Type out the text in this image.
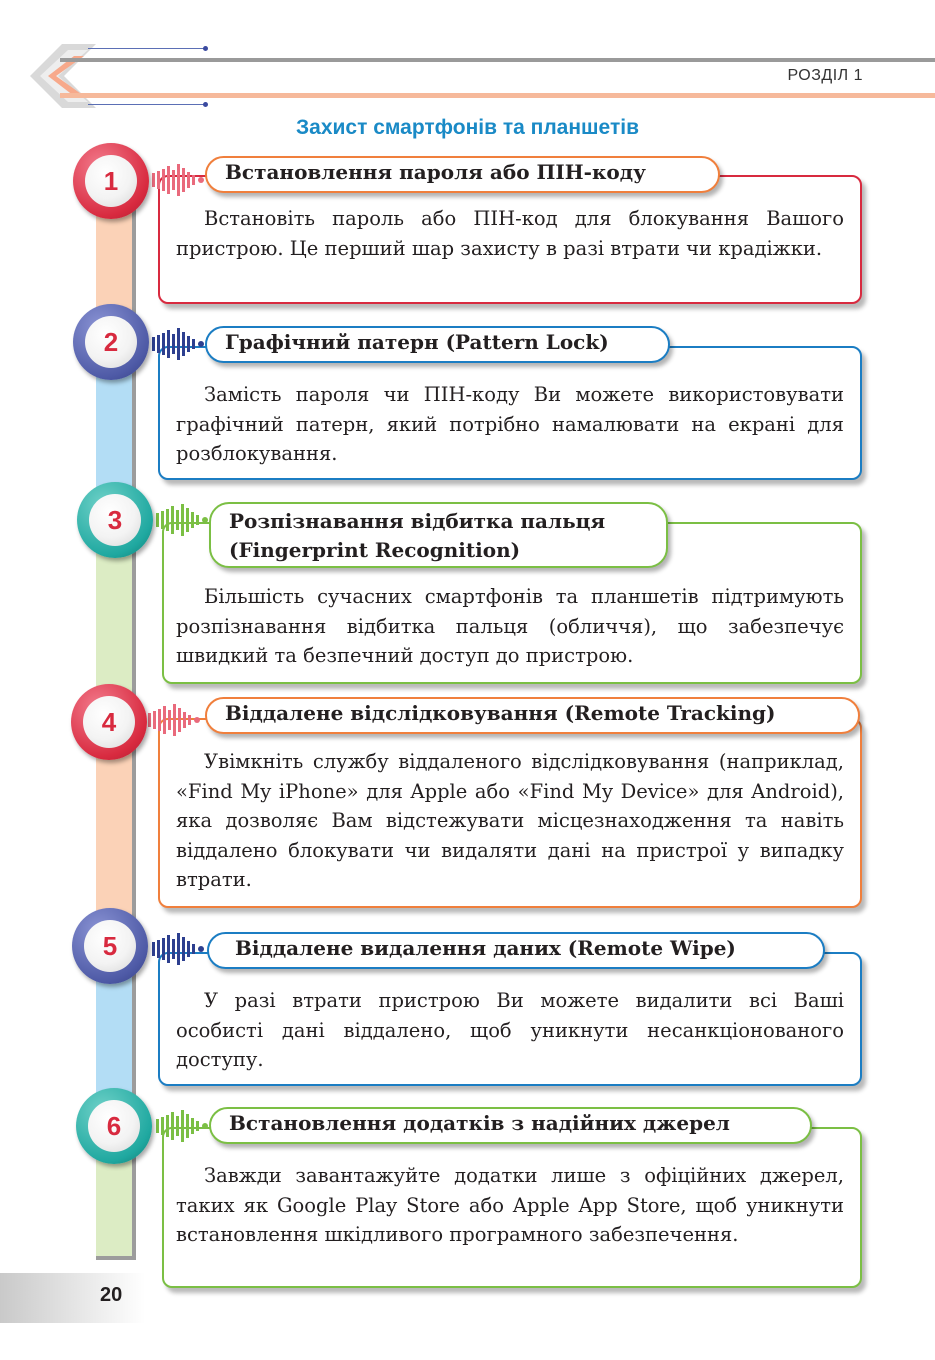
РОЗДІЛ 1
Захист смартфонів та планшетів

Встановіть пароль або ПІН-код для блокування Вашого пристрою. Це перший шар захисту в разі втрати чи крадіжки.

Встановлення пароля або ПІН-коду
1

Замість пароля чи ПІН-коду Ви можете використовувати графічний патерн, який потрібно намалювати на екрані для розблокування.

Графічний патерн (Pattern Lock)
2

Більшість сучасних смартфонів та планшетів підтримують розпізнавання відбитка пальця (обличчя), що забезпечує швидкий та безпечний доступ до пристрою.

Розпізнавання відбитка пальця
(Fingerprint Recognition)
3

Увімкніть службу віддаленого відслідковування (наприклад, «Find My iPhone» для Apple або «Find My Device» для Android), яка дозволяє Вам відстежувати місцезнаходження та навіть віддалено блокувати чи видаляти дані на пристрої у випадку втрати.

Віддалене відслідковування (Remote Tracking)
4

У разі втрати пристрою Ви можете видалити всі Ваші особисті дані віддалено, щоб уникнути несанкціонованого доступу.

Віддалене видалення даних (Remote Wipe)
5

Завжди завантажуйте додатки лише з офіційних джерел, таких як Google Play Store або Apple App Store, щоб уникнути встановлення шкідливого програмного забезпечення.

Встановлення додатків з надійних джерел
6
20
